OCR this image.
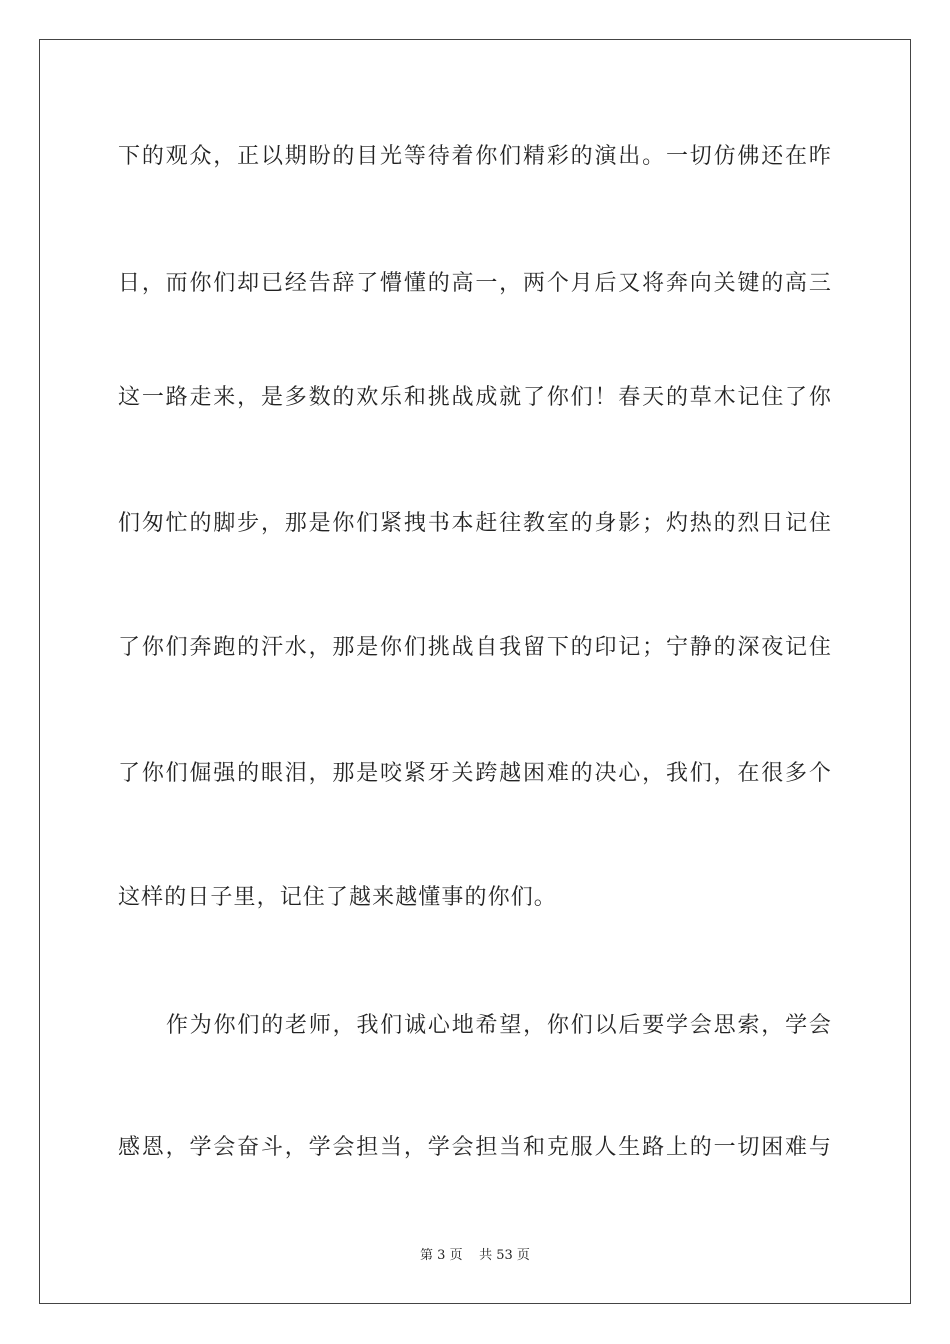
下的观众，正以期盼的目光等待着你们精彩的演出。一切仿佛还在昨
日，而你们却已经告辞了懵懂的高一，两个月后又将奔向关键的高三
这一路走来，是多数的欢乐和挑战成就了你们！春天的草木记住了你
们匆忙的脚步，那是你们紧拽书本赶往教室的身影；灼热的烈日记住
了你们奔跑的汗水，那是你们挑战自我留下的印记；宁静的深夜记住
了你们倔强的眼泪，那是咬紧牙关跨越困难的决心，我们，在很多个
这样的日子里，记住了越来越懂事的你们。
作为你们的老师，我们诚心地希望，你们以后要学会思索，学会
感恩，学会奋斗，学会担当，学会担当和克服人生路上的一切困难与
第 3 页 共 53 页
